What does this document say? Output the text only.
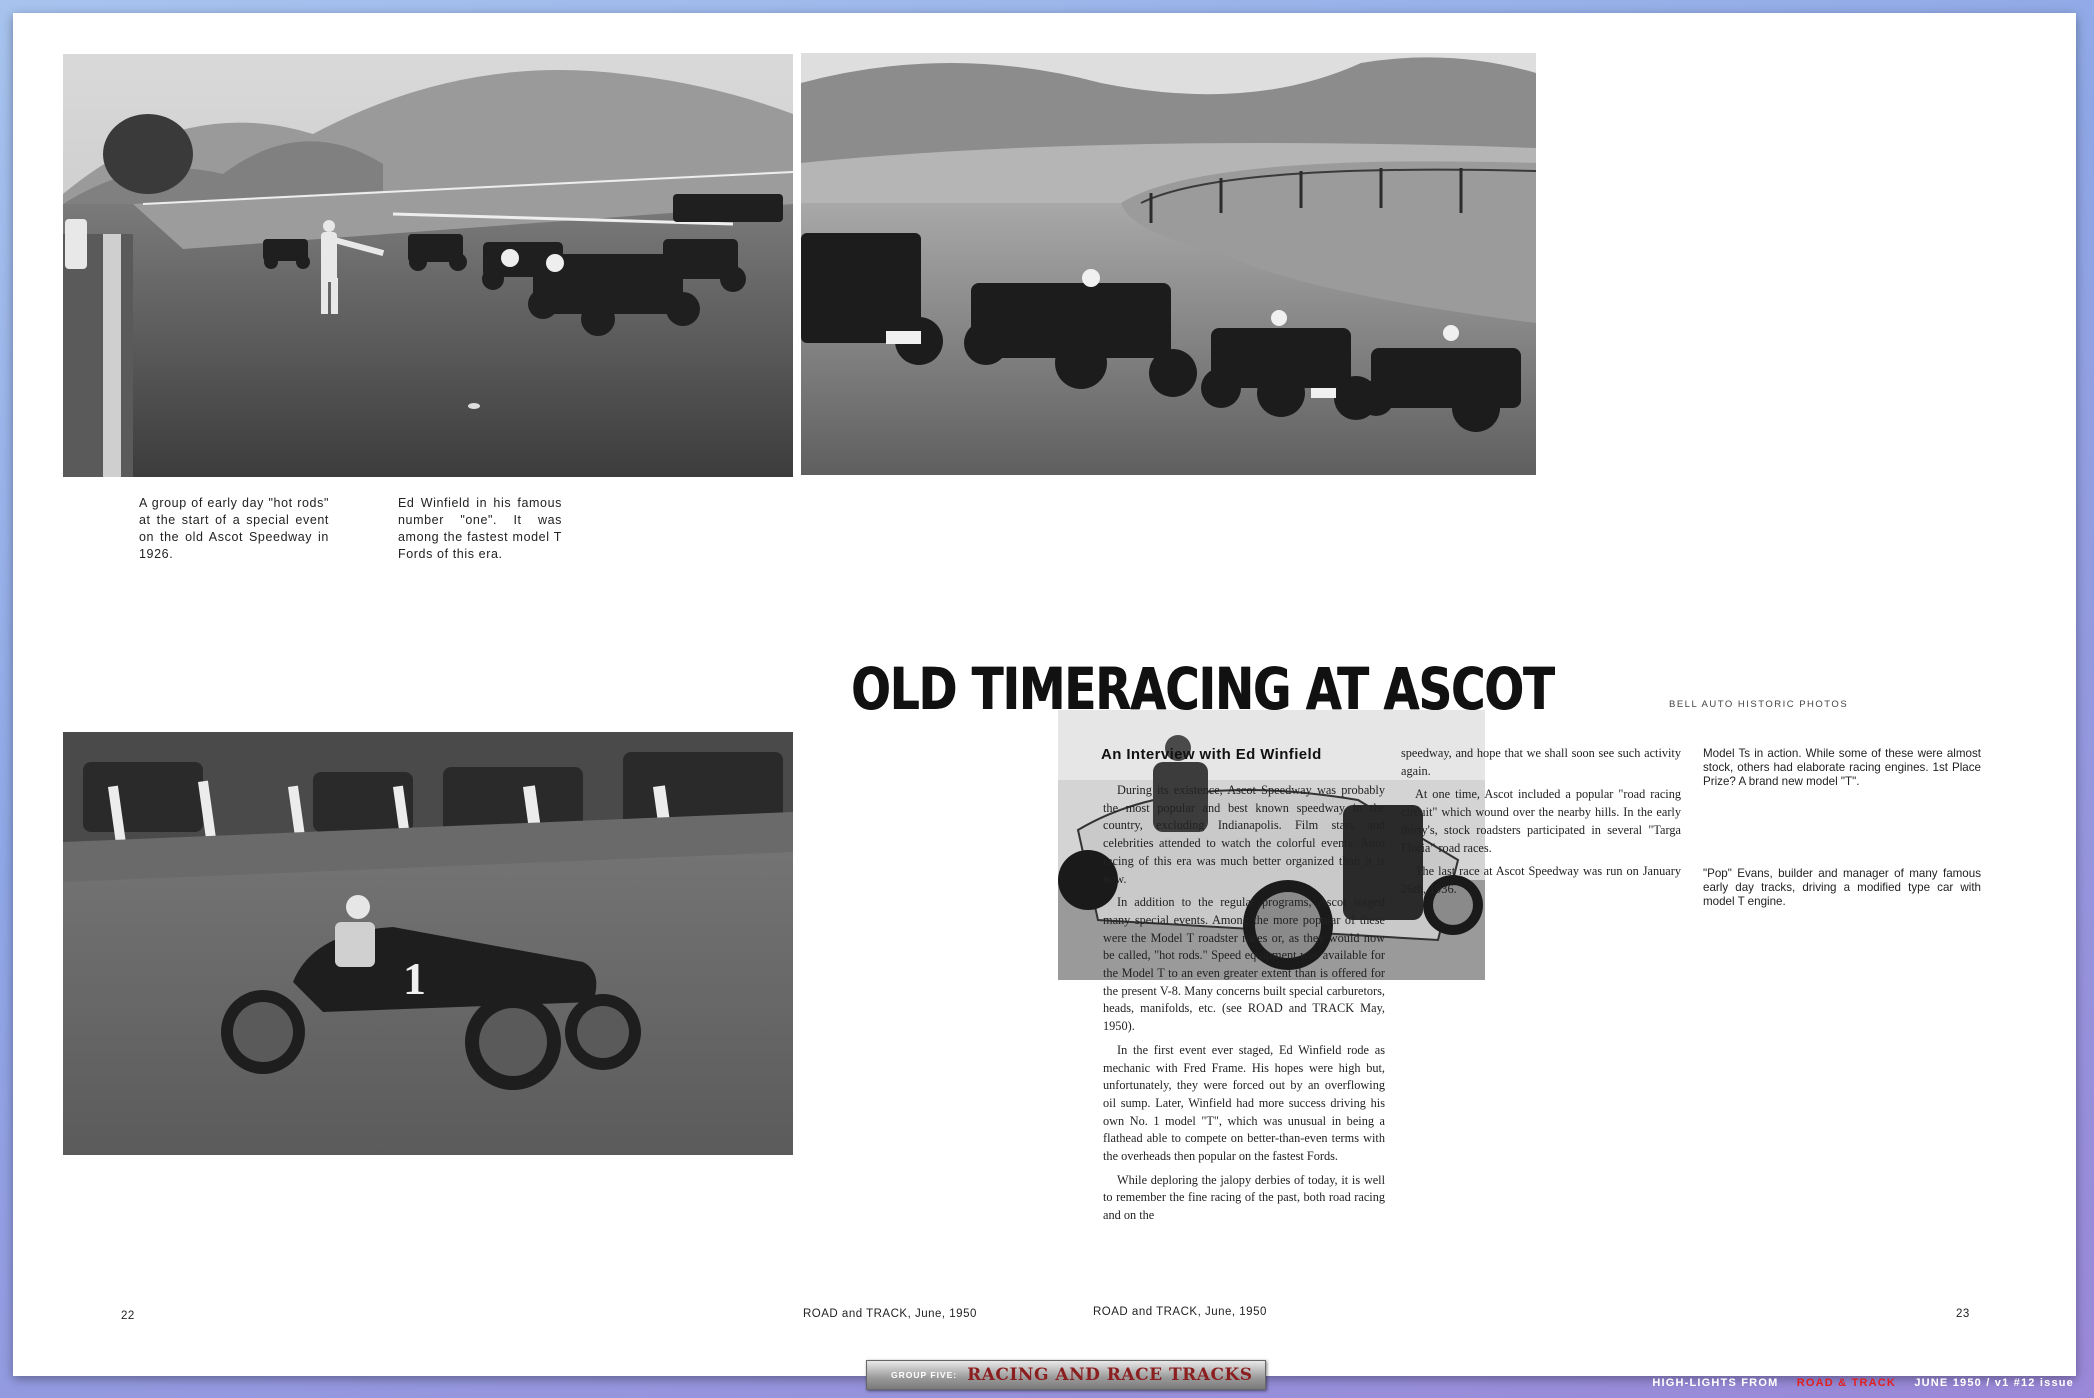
1
A group of early day "hot rods" at the start of a special event on the old Ascot Speedway in 1926.
Ed Winfield in his famous number "one". It was among the fastest model T Fords of this era.
OLD TIMERACING AT ASCOT	BELL AUTO HISTORIC PHOTOS
An Interview with Ed Winfield

During its existence, Ascot Speedway was probably the most popular and best known speedway in the country, excluding Indianapolis. Film stars and celebrities attended to watch the colorful events. Auto racing of this era was much better organized than it is now.

In addition to the regular programs, Ascot staged many special events. Among the more popular of these were the Model T roadster races or, as they would now be called, "hot rods." Speed equipment was available for the Model T to an even greater extent than is offered for the present V-8. Many concerns built special carburetors, heads, manifolds, etc. (see ROAD and TRACK May, 1950).

In the first event ever staged, Ed Winfield rode as mechanic with Fred Frame. His hopes were high but, unfortunately, they were forced out by an overflowing oil sump. Later, Winfield had more success driving his own No. 1 model "T", which was unusual in being a flathead able to compete on better-than-even terms with the overheads then popular on the fastest Fords.

While deploring the jalopy derbies of today, it is well to remember the fine racing of the past, both road racing and on the

speedway, and hope that we shall soon see such activity again.

At one time, Ascot included a popular "road racing circuit" which wound over the nearby hills. In the early thirty's, stock roadsters participated in several "Targa Floria" road races.

The last race at Ascot Speedway was run on January 26th, 1936.

Model Ts in action. While some of these were almost stock, others had elaborate racing engines. 1st Place Prize? A brand new model "T".
"Pop" Evans, builder and manager of many famous early day tracks, driving a modified type car with model T engine.
22	ROAD and TRACK, June, 1950	ROAD and TRACK, June, 1950	23
GROUP FIVE: RACING AND RACE TRACKS	HIGH-LIGHTS FROM ROAD & TRACK JUNE 1950 / v1 #12 issue
